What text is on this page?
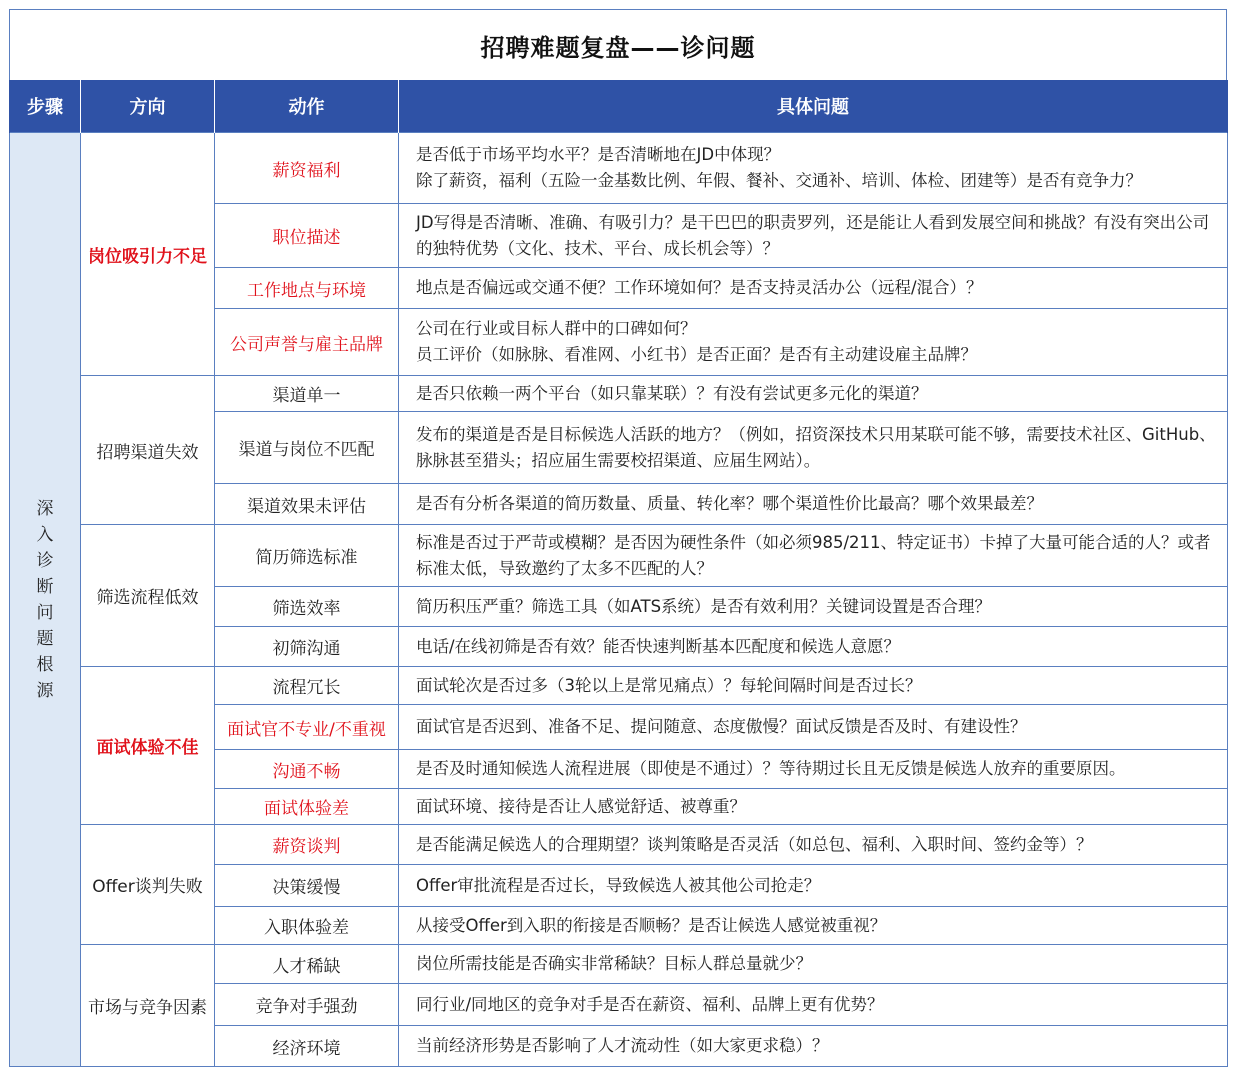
招聘难题复盘——诊问题
步骤	方向	动作	具体问题
深入诊断问题根源	岗位吸引力不足	薪资福利	是否低于市场平均水平？是否清晰地在JD中体现？
除了薪资，福利（五险一金基数比例、年假、餐补、交通补、培训、体检、团建等）是否有竞争力？

		职位描述	JD写得是否清晰、准确、有吸引力？是干巴巴的职责罗列，还是能让人看到发展空间和挑战？有没有突出公司的独特优势（文化、技术、平台、成长机会等）？

		工作地点与环境	地点是否偏远或交通不便？工作环境如何？是否支持灵活办公（远程/混合）？

		公司声誉与雇主品牌	公司在行业或目标人群中的口碑如何？
员工评价（如脉脉、看准网、小红书）是否正面？是否有主动建设雇主品牌？

	招聘渠道失效	渠道单一	是否只依赖一两个平台（如只靠某联）？有没有尝试更多元化的渠道？

		渠道与岗位不匹配	发布的渠道是否是目标候选人活跃的地方？（例如，招资深技术只用某联可能不够，需要技术社区、GitHub、脉脉甚至猎头；招应届生需要校招渠道、应届生网站）。

		渠道效果未评估	是否有分析各渠道的简历数量、质量、转化率？哪个渠道性价比最高？哪个效果最差？

	筛选流程低效	简历筛选标准	标准是否过于严苛或模糊？是否因为硬性条件（如必须985/211、特定证书）卡掉了大量可能合适的人？或者标准太低，导致邀约了太多不匹配的人？

		筛选效率	简历积压严重？筛选工具（如ATS系统）是否有效利用？关键词设置是否合理？

		初筛沟通	电话/在线初筛是否有效？能否快速判断基本匹配度和候选人意愿？

	面试体验不佳	流程冗长	面试轮次是否过多（3轮以上是常见痛点）？每轮间隔时间是否过长？

		面试官不专业/不重视	面试官是否迟到、准备不足、提问随意、态度傲慢？面试反馈是否及时、有建设性？

		沟通不畅	是否及时通知候选人流程进展（即使是不通过）？等待期过长且无反馈是候选人放弃的重要原因。

		面试体验差	面试环境、接待是否让人感觉舒适、被尊重？

	Offer谈判失败	薪资谈判	是否能满足候选人的合理期望？谈判策略是否灵活（如总包、福利、入职时间、签约金等）？

		决策缓慢	Offer审批流程是否过长，导致候选人被其他公司抢走？

		入职体验差	从接受Offer到入职的衔接是否顺畅？是否让候选人感觉被重视？

	市场与竞争因素	人才稀缺	岗位所需技能是否确实非常稀缺？目标人群总量就少？

		竞争对手强劲	同行业/同地区的竞争对手是否在薪资、福利、品牌上更有优势？

		经济环境	当前经济形势是否影响了人才流动性（如大家更求稳）？
